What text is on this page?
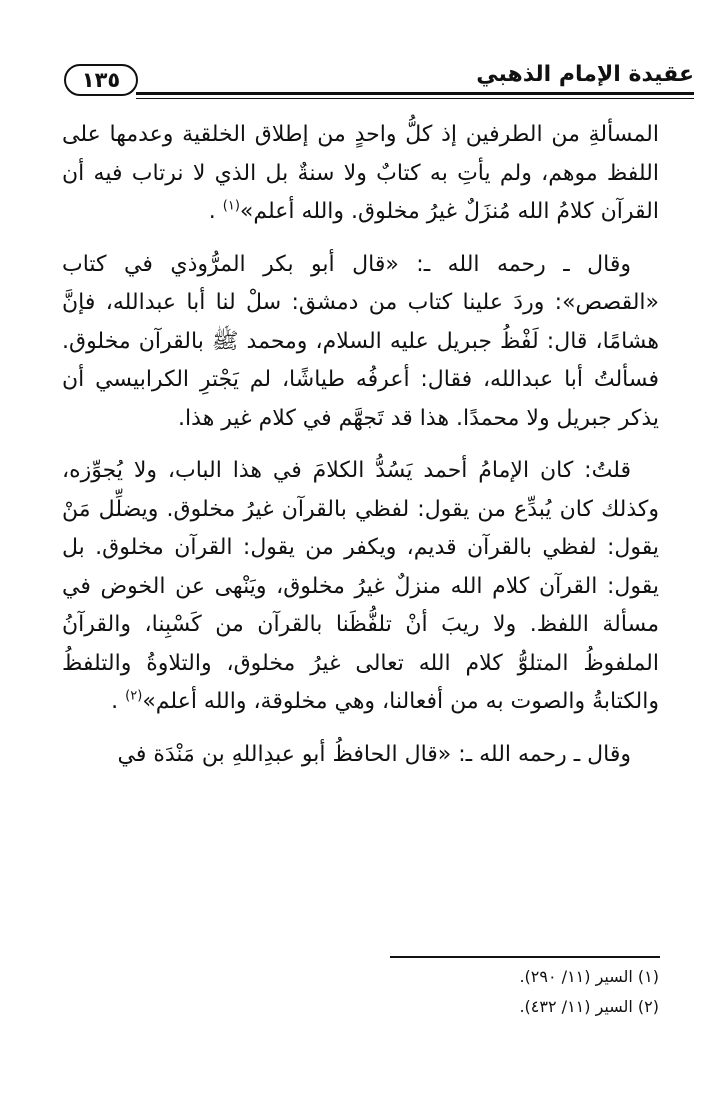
١٣٥	عقيدة الإمام الذهبي

المسألةِ من الطرفين إذ كلُّ واحدٍ من إطلاق الخلقية وعدمها على اللفظ موهم، ولم يأتِ به كتابٌ ولا سنةٌ بل الذي لا نرتاب فيه أن القرآن كلامُ الله مُنزَلٌ غيرُ مخلوق. والله أعلم»$^{(١)}$ .

وقال ـ رحمه الله ـ: «قال أبو بكر المرُّوذي في كتاب «القصص»: وردَ علينا كتاب من دمشق: سلْ لنا أبا عبدالله، فإنَّ هشامًا، قال: لَفْظُ جبريل عليه السلام، ومحمد ﷺ بالقرآن مخلوق. فسألتُ أبا عبدالله، فقال: أعرفُه طياشًا، لم يَجْترِ الكرابيسي أن يذكر جبريل ولا محمدًا. هذا قد تَجهَّم في كلام غير هذا.

قلتُ: كان الإمامُ أحمد يَسُدُّ الكلامَ في هذا الباب، ولا يُجوِّزه، وكذلك كان يُبدِّع من يقول: لفظي بالقرآن غيرُ مخلوق. ويضلِّل مَنْ يقول: لفظي بالقرآن قديم، ويكفر من يقول: القرآن مخلوق. بل يقول: القرآن كلام الله منزلٌ غيرُ مخلوق، ويَنْهى عن الخوض في مسألة اللفظ. ولا ريبَ أنْ تلفُّظَنا بالقرآن من كَسْبِنا، والقرآنُ الملفوظُ المتلوُّ كلام الله تعالى غيرُ مخلوق، والتلاوةُ والتلفظُ والكتابةُ والصوت به من أفعالنا، وهي مخلوقة، والله أعلم»$^{(٢)}$ .

وقال ـ رحمه الله ـ: «قال الحافظُ أبو عبدِاللهِ بن مَنْدَة في

(١) السير (١١/ ٢٩٠).
(٢) السير (١١/ ٤٣٢).
